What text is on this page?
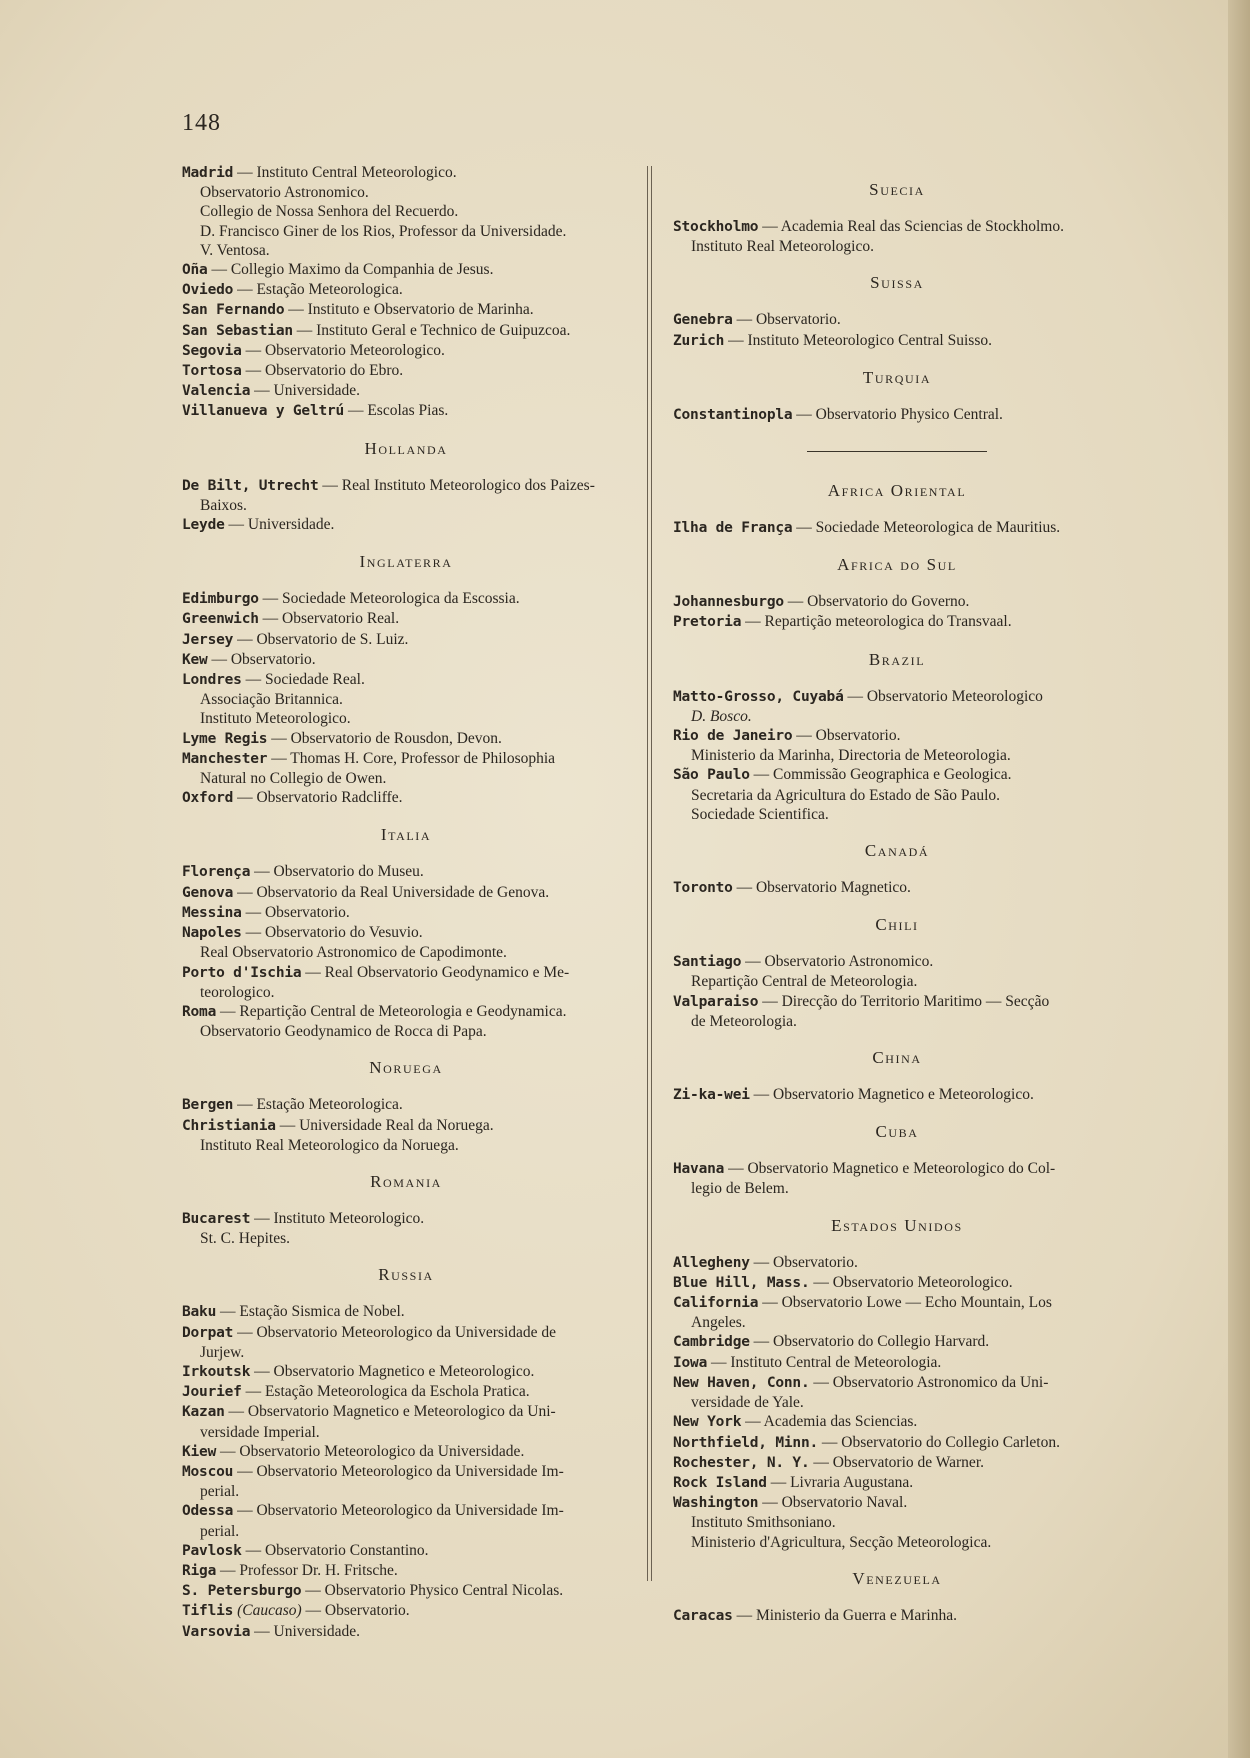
148
Madrid — Instituto Central Meteorologico.
Observatorio Astronomico.
Collegio de Nossa Senhora del Recuerdo.
D. Francisco Giner de los Rios, Professor da Universidade.
V. Ventosa.
Oña — Collegio Maximo da Companhia de Jesus.
Oviedo — Estação Meteorologica.
San Fernando — Instituto e Observatorio de Marinha.
San Sebastian — Instituto Geral e Technico de Guipuzcoa.
Segovia — Observatorio Meteorologico.
Tortosa — Observatorio do Ebro.
Valencia — Universidade.
Villanueva y Geltrú — Escolas Pias.
Hollanda
De Bilt, Utrecht — Real Instituto Meteorologico dos Paizes-
Baixos.
Leyde — Universidade.
Inglaterra
Edimburgo — Sociedade Meteorologica da Escossia.
Greenwich — Observatorio Real.
Jersey — Observatorio de S. Luiz.
Kew — Observatorio.
Londres — Sociedade Real.
Associação Britannica.
Instituto Meteorologico.
Lyme Regis — Observatorio de Rousdon, Devon.
Manchester — Thomas H. Core, Professor de Philosophia
Natural no Collegio de Owen.
Oxford — Observatorio Radcliffe.
Italia
Florença — Observatorio do Museu.
Genova — Observatorio da Real Universidade de Genova.
Messina — Observatorio.
Napoles — Observatorio do Vesuvio.
Real Observatorio Astronomico de Capodimonte.
Porto d'Ischia — Real Observatorio Geodynamico e Me-
teorologico.
Roma — Repartição Central de Meteorologia e Geodynamica.
Observatorio Geodynamico de Rocca di Papa.
Noruega
Bergen — Estação Meteorologica.
Christiania — Universidade Real da Noruega.
Instituto Real Meteorologico da Noruega.
Romania
Bucarest — Instituto Meteorologico.
St. C. Hepites.
Russia
Baku — Estação Sismica de Nobel.
Dorpat — Observatorio Meteorologico da Universidade de
Jurjew.
Irkoutsk — Observatorio Magnetico e Meteorologico.
Jourief — Estação Meteorologica da Eschola Pratica.
Kazan — Observatorio Magnetico e Meteorologico da Uni-
versidade Imperial.
Kiew — Observatorio Meteorologico da Universidade.
Moscou — Observatorio Meteorologico da Universidade Im-
perial.
Odessa — Observatorio Meteorologico da Universidade Im-
perial.
Pavlosk — Observatorio Constantino.
Riga — Professor Dr. H. Fritsche.
S. Petersburgo — Observatorio Physico Central Nicolas.
Tiflis (Caucaso) — Observatorio.
Varsovia — Universidade.
Suecia
Stockholmo — Academia Real das Sciencias de Stockholmo.
Instituto Real Meteorologico.
Suissa
Genebra — Observatorio.
Zurich — Instituto Meteorologico Central Suisso.
Turquia
Constantinopla — Observatorio Physico Central.
Africa Oriental
Ilha de França — Sociedade Meteorologica de Mauritius.
Africa do Sul
Johannesburgo — Observatorio do Governo.
Pretoria — Repartição meteorologica do Transvaal.
Brazil
Matto-Grosso, Cuyabá — Observatorio Meteorologico
D. Bosco.
Rio de Janeiro — Observatorio.
Ministerio da Marinha, Directoria de Meteorologia.
São Paulo — Commissão Geographica e Geologica.
Secretaria da Agricultura do Estado de São Paulo.
Sociedade Scientifica.
Canadá
Toronto — Observatorio Magnetico.
Chili
Santiago — Observatorio Astronomico.
Repartição Central de Meteorologia.
Valparaiso — Direcção do Territorio Maritimo — Secção
de Meteorologia.
China
Zi-ka-wei — Observatorio Magnetico e Meteorologico.
Cuba
Havana — Observatorio Magnetico e Meteorologico do Col-
legio de Belem.
Estados Unidos
Allegheny — Observatorio.
Blue Hill, Mass. — Observatorio Meteorologico.
California — Observatorio Lowe — Echo Mountain, Los
Angeles.
Cambridge — Observatorio do Collegio Harvard.
Iowa — Instituto Central de Meteorologia.
New Haven, Conn. — Observatorio Astronomico da Uni-
versidade de Yale.
New York — Academia das Sciencias.
Northfield, Minn. — Observatorio do Collegio Carleton.
Rochester, N. Y. — Observatorio de Warner.
Rock Island — Livraria Augustana.
Washington — Observatorio Naval.
Instituto Smithsoniano.
Ministerio d'Agricultura, Secção Meteorologica.
Venezuela
Caracas — Ministerio da Guerra e Marinha.
